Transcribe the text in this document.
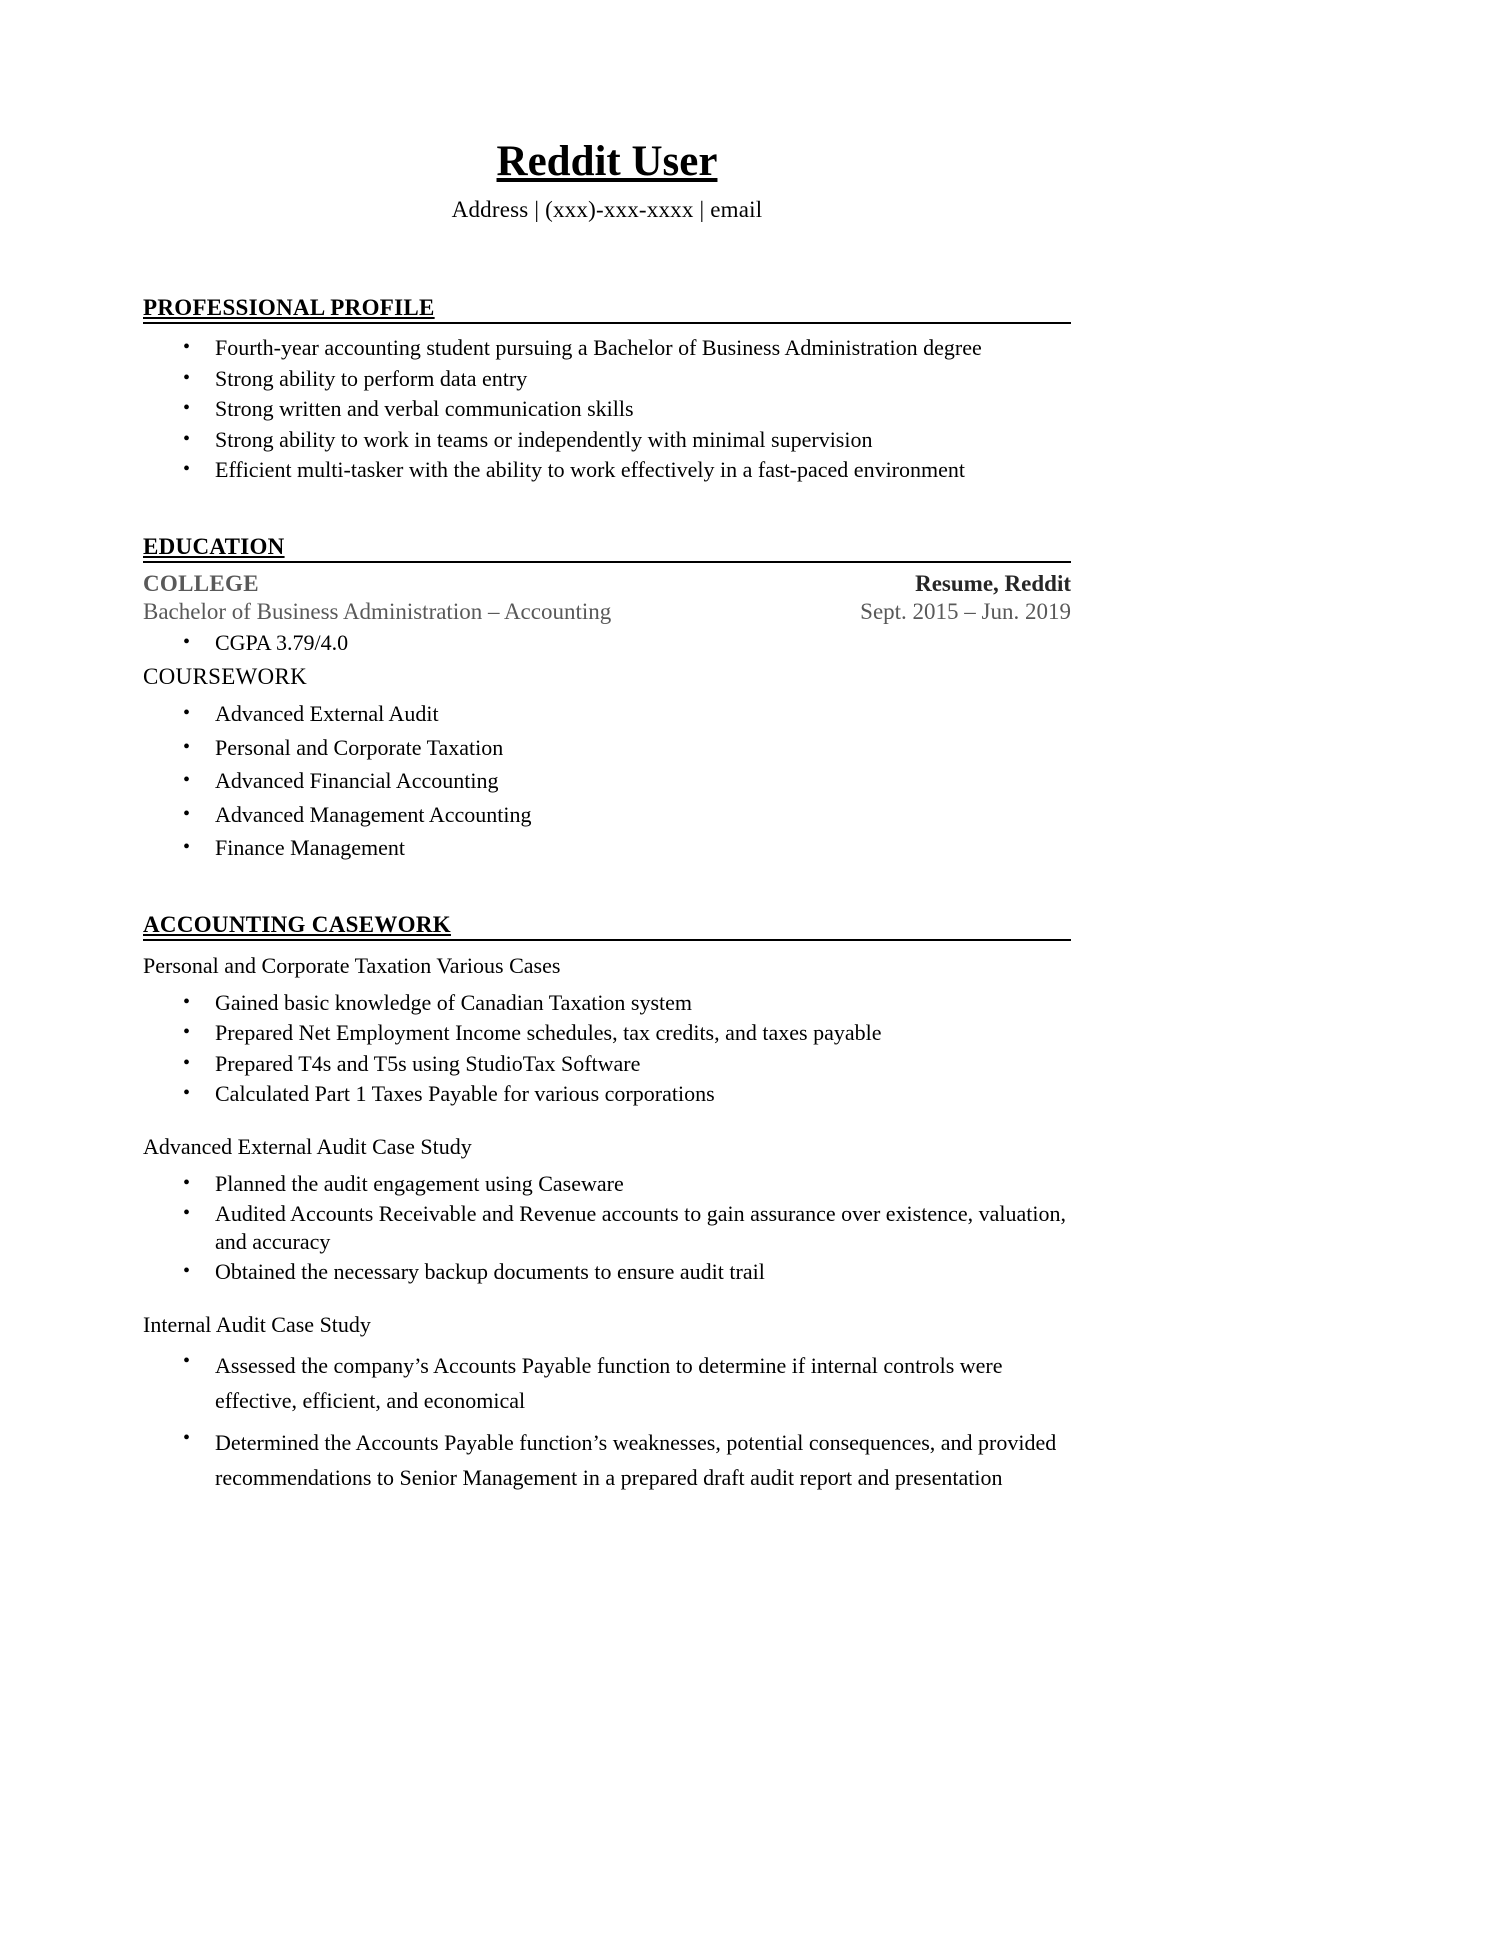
Reddit User
Address | (xxx)-xxx-xxxx | email
PROFESSIONAL PROFILE
•	Fourth-year accounting student pursuing a Bachelor of Business Administration degree
•	Strong ability to perform data entry
•	Strong written and verbal communication skills
•	Strong ability to work in teams or independently with minimal supervision
•	Efficient multi-tasker with the ability to work effectively in a fast-paced environment
EDUCATION
COLLEGE	Resume, Reddit
Bachelor of Business Administration – Accounting	Sept. 2015 – Jun. 2019
•	CGPA 3.79/4.0
COURSEWORK
•	Advanced External Audit
•	Personal and Corporate Taxation
•	Advanced Financial Accounting
•	Advanced Management Accounting
•	Finance Management
ACCOUNTING CASEWORK
Personal and Corporate Taxation Various Cases
•	Gained basic knowledge of Canadian Taxation system
•	Prepared Net Employment Income schedules, tax credits, and taxes payable
•	Prepared T4s and T5s using StudioTax Software
•	Calculated Part 1 Taxes Payable for various corporations
Advanced External Audit Case Study
•	Planned the audit engagement using Caseware
•	Audited Accounts Receivable and Revenue accounts to gain assurance over existence, valuation, and accuracy
•	Obtained the necessary backup documents to ensure audit trail
Internal Audit Case Study
•	Assessed the company’s Accounts Payable function to determine if internal controls were effective, efficient, and economical
•	Determined the Accounts Payable function’s weaknesses, potential consequences, and provided recommendations to Senior Management in a prepared draft audit report and presentation
